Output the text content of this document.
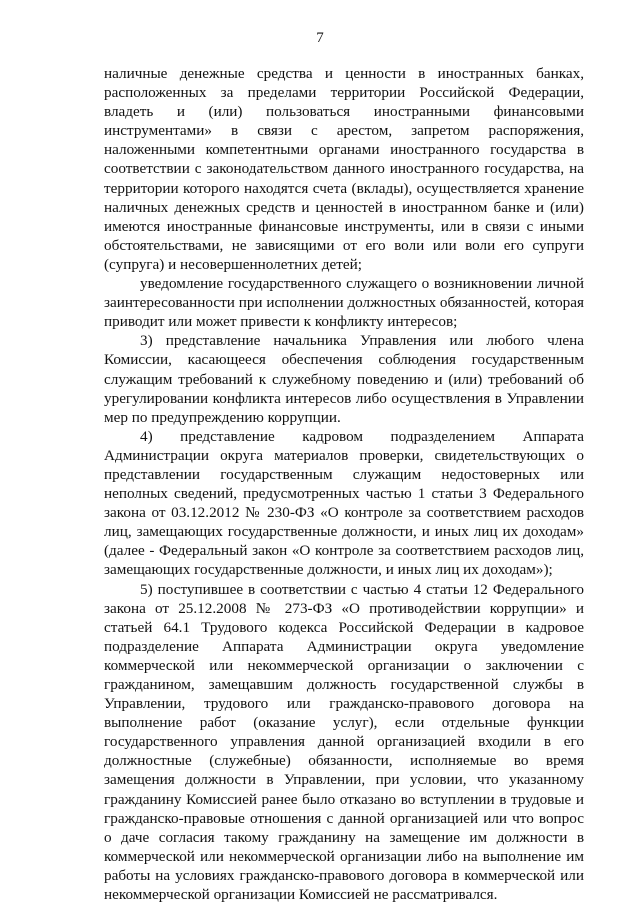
7

наличные денежные средства и ценности в иностранных банках, расположенных за пределами территории Российской Федерации, владеть и (или) пользоваться иностранными финансовыми инструментами» в связи с арестом, запретом распоряжения, наложенными компетентными органами иностранного государства в соответствии с законодательством данного иностранного государства, на территории которого находятся счета (вклады), осуществляется хранение наличных денежных средств и ценностей в иностранном банке и (или) имеются иностранные финансовые инструменты, или в связи с иными обстоятельствами, не зависящими от его воли или воли его супруги (супруга) и несовершеннолетних детей;

уведомление государственного служащего о возникновении личной заинтересованности при исполнении должностных обязанностей, которая приводит или может привести к конфликту интересов;

3) представление начальника Управления или любого члена Комиссии, касающееся обеспечения соблюдения государственным служащим требований к служебному поведению и (или) требований об урегулировании конфликта интересов либо осуществления в Управлении мер по предупреждению коррупции.

4) представление кадровом подразделением Аппарата Администрации округа материалов проверки, свидетельствующих о представлении государственным служащим недостоверных или неполных сведений, предусмотренных частью 1 статьи 3 Федерального закона от 03.12.2012 № 230-ФЗ «О контроле за соответствием расходов лиц, замещающих государственные должности, и иных лиц их доходам» (далее - Федеральный закон «О контроле за соответствием расходов лиц, замещающих государственные должности, и иных лиц их доходам»);

5) поступившее в соответствии с частью 4 статьи 12 Федерального закона от 25.12.2008 № 273-ФЗ «О противодействии коррупции» и статьей 64.1 Трудового кодекса Российской Федерации в кадровое подразделение Аппарата Администрации округа уведомление коммерческой или некоммерческой организации о заключении с гражданином, замещавшим должность государственной службы в Управлении, трудового или гражданско-правового договора на выполнение работ (оказание услуг), если отдельные функции государственного управления данной организацией входили в его должностные (служебные) обязанности, исполняемые во время замещения должности в Управлении, при условии, что указанному гражданину Комиссией ранее было отказано во вступлении в трудовые и гражданско-правовые отношения с данной организацией или что вопрос о даче согласия такому гражданину на замещение им должности в коммерческой или некоммерческой организации либо на выполнение им работы на условиях гражданско-правового договора в коммерческой или некоммерческой организации Комиссией не рассматривался.
